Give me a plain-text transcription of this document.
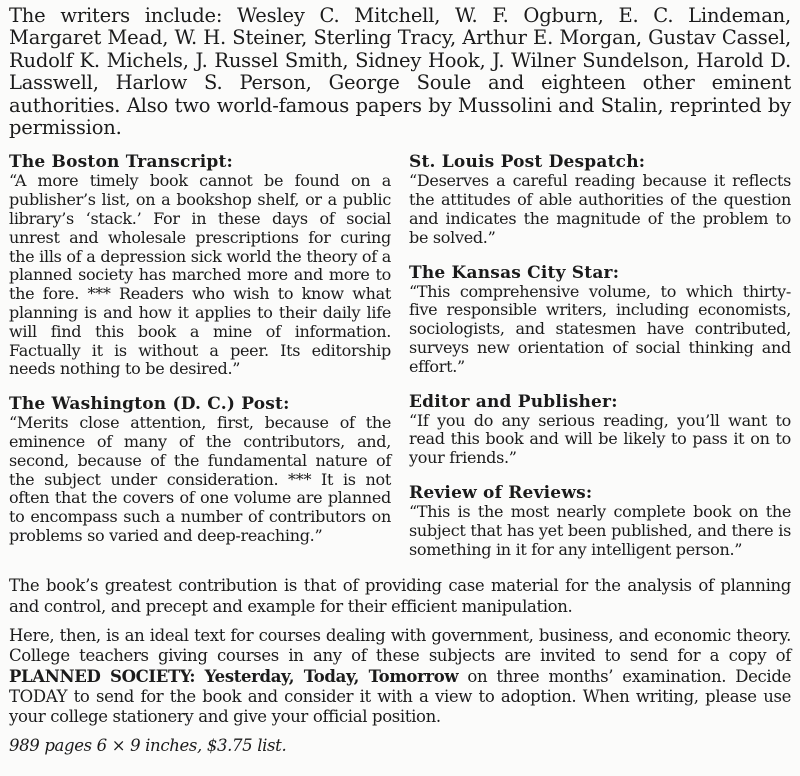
The writers include: Wesley C. Mitchell, W. F. Ogburn, E. C. Lindeman, Margaret Mead, W. H. Steiner, Sterling Tracy, Arthur E. Morgan, Gustav Cassel, Rudolf K. Michels, J. Russel Smith, Sidney Hook, J. Wilner Sundelson, Harold D. Lasswell, Harlow S. Person, George Soule and eighteen other eminent authorities. Also two world-famous papers by Mussolini and Stalin, reprinted by permission.

The Boston Transcript:

“A more timely book cannot be found on a publisher’s list, on a bookshop shelf, or a public library’s ‘stack.’ For in these days of social unrest and wholesale prescriptions for curing the ills of a depression sick world the theory of a planned society has marched more and more to the fore. *** Readers who wish to know what planning is and how it applies to their daily life will find this book a mine of information. Factually it is without a peer. Its editorship needs nothing to be desired.”

The Washington (D. C.) Post:

“Merits close attention, first, because of the eminence of many of the contributors, and, second, because of the fundamental nature of the subject under consideration. *** It is not often that the covers of one volume are planned to encompass such a number of contributors on problems so varied and deep-reaching.”

St. Louis Post Despatch:

“Deserves a careful reading because it reflects the attitudes of able authorities of the question and indicates the magnitude of the problem to be solved.”

The Kansas City Star:

“This comprehensive volume, to which thirty-five responsible writers, including economists, sociologists, and statesmen have contributed, surveys new orientation of social thinking and effort.”

Editor and Publisher:

“If you do any serious reading, you’ll want to read this book and will be likely to pass it on to your friends.”

Review of Reviews:

“This is the most nearly complete book on the subject that has yet been published, and there is something in it for any intelligent person.”

The book’s greatest contribution is that of providing case material for the analysis of planning and control, and precept and example for their efficient manipulation.

Here, then, is an ideal text for courses dealing with government, business, and economic theory. College teachers giving courses in any of these subjects are invited to send for a copy of PLANNED SOCIETY: Yesterday, Today, Tomorrow on three months’ examination. Decide TODAY to send for the book and consider it with a view to adoption. When writing, please use your college stationery and give your official position.

989 pages 6 × 9 inches, $3.75 list.
